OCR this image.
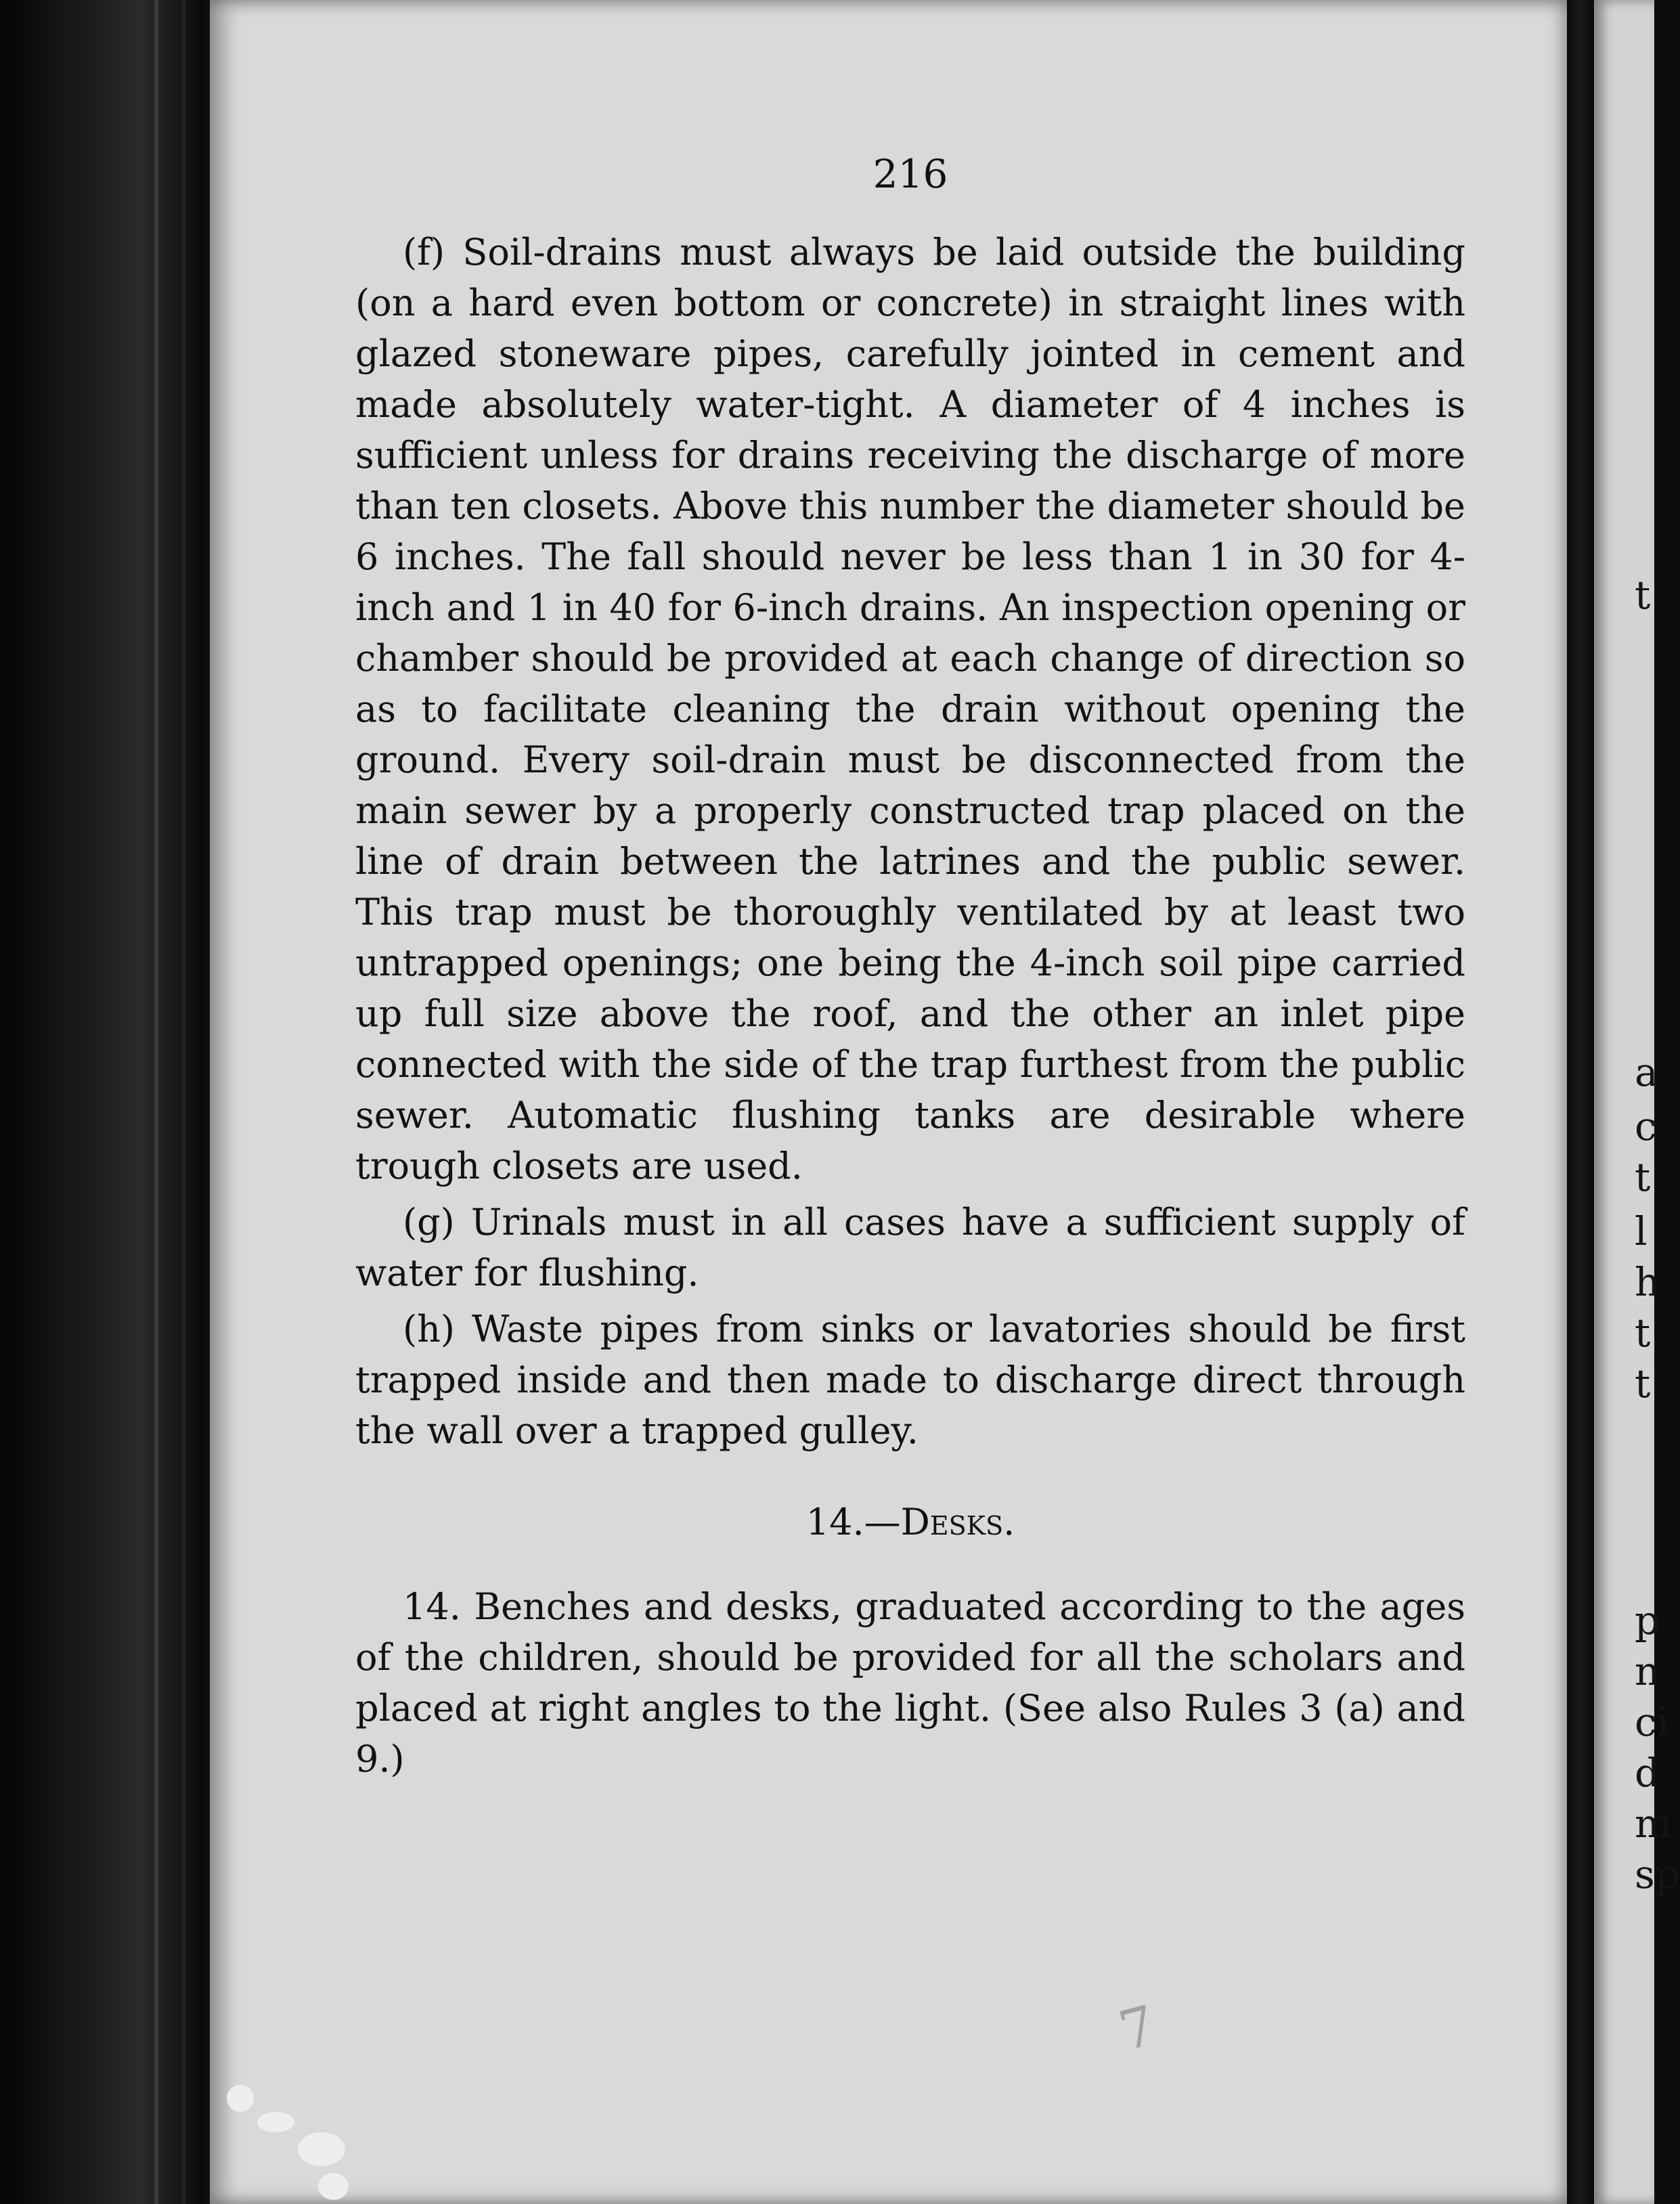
216

(f) Soil-drains must always be laid outside the building (on a hard even bottom or concrete) in straight lines with glazed stoneware pipes, carefully jointed in cement and made absolutely water-tight. A diameter of 4 inches is sufficient unless for drains receiving the discharge of more than ten closets. Above this number the diameter should be 6 inches. The fall should never be less than 1 in 30 for 4-inch and 1 in 40 for 6-inch drains. An inspection opening or chamber should be provided at each change of direction so as to facilitate cleaning the drain without opening the ground. Every soil-drain must be disconnected from the main sewer by a properly constructed trap placed on the line of drain between the latrines and the public sewer. This trap must be thoroughly ventilated by at least two untrapped openings; one being the 4-inch soil pipe carried up full size above the roof, and the other an inlet pipe connected with the side of the trap furthest from the public sewer. Automatic flushing tanks are desirable where trough closets are used.

(g) Urinals must in all cases have a sufficient supply of water for flushing.

(h) Waste pipes from sinks or lavatories should be first trapped inside and then made to discharge direct through the wall over a trapped gulley.

14.—Desks.

14. Benches and desks, graduated according to the ages of the children, should be provided for all the scholars and placed at right angles to the light. (See also Rules 3 (a) and 9.)

t
a
c
t
l
h
t
t
p
n
ci
d
m
sp
7
